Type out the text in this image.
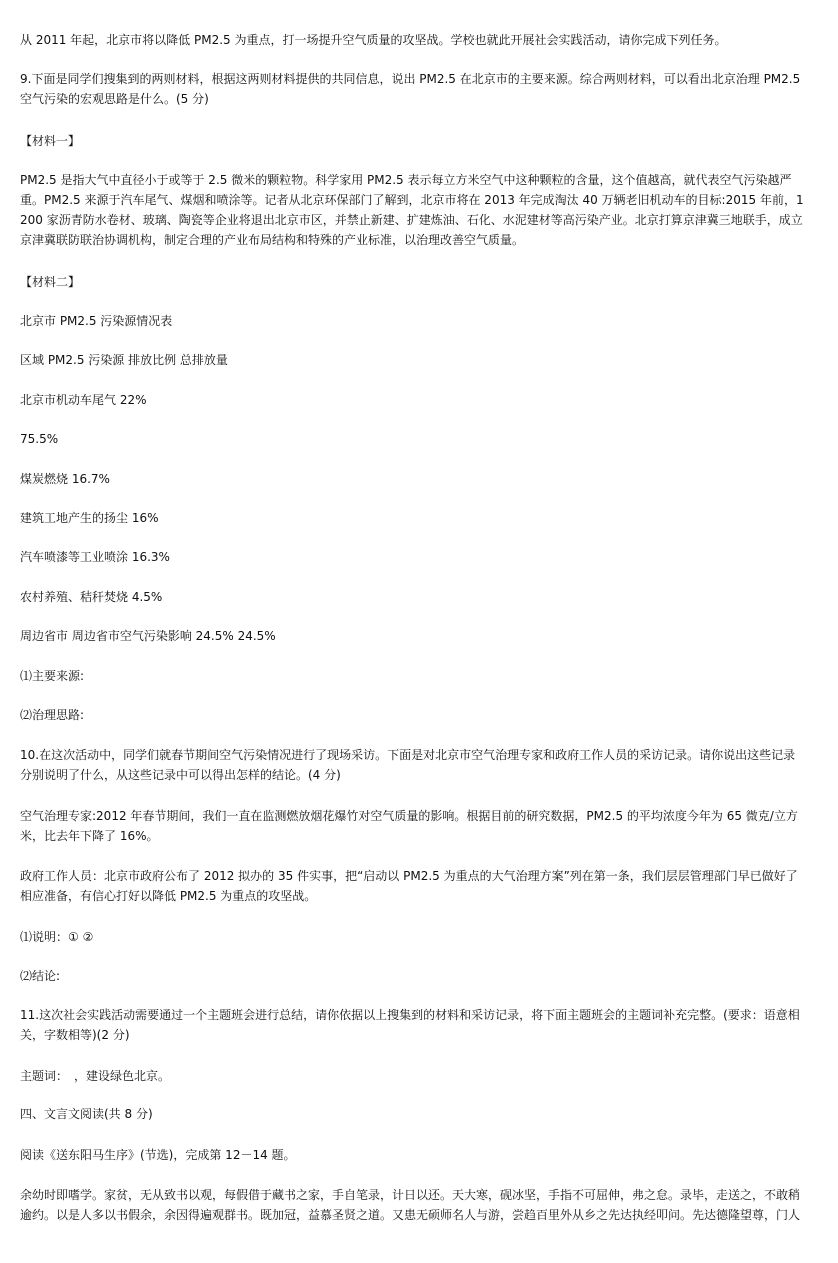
从 2011 年起，北京市将以降低 PM2.5 为重点，打一场提升空气质量的攻坚战。学校也就此开展社会实践活动，请你完成下列任务。

9.下面是同学们搜集到的两则材料，根据这两则材料提供的共同信息，说出 PM2.5 在北京市的主要来源。综合两则材料，可以看出北京治理 PM2.5 空气污染的宏观思路是什么。(5 分)

【材料一】

PM2.5 是指大气中直径小于或等于 2.5 微米的颗粒物。科学家用 PM2.5 表示每立方米空气中这种颗粒的含量，这个值越高，就代表空气污染越严重。PM2.5 来源于汽车尾气、煤烟和喷涂等。记者从北京环保部门了解到，北京市将在 2013 年完成淘汰 40 万辆老旧机动车的目标:2015 年前，1200 家沥青防水卷材、玻璃、陶瓷等企业将退出北京市区，并禁止新建、扩建炼油、石化、水泥建材等高污染产业。北京打算京津冀三地联手，成立京津冀联防联治协调机构，制定合理的产业布局结构和特殊的产业标准，以治理改善空气质量。

【材料二】

北京市 PM2.5 污染源情况表

区域 PM2.5 污染源 排放比例 总排放量

北京市机动车尾气 22%

75.5%

煤炭燃烧 16.7%

建筑工地产生的扬尘 16%

汽车喷漆等工业喷涂 16.3%

农村养殖、秸秆焚烧 4.5%

周边省市 周边省市空气污染影响 24.5% 24.5%

⑴主要来源:

⑵治理思路:

10.在这次活动中，同学们就春节期间空气污染情况进行了现场采访。下面是对北京市空气治理专家和政府工作人员的采访记录。请你说出这些记录分别说明了什么，从这些记录中可以得出怎样的结论。(4 分)

空气治理专家:2012 年春节期间，我们一直在监测燃放烟花爆竹对空气质量的影响。根据目前的研究数据，PM2.5 的平均浓度今年为 65 微克/立方米，比去年下降了 16%。

政府工作人员：北京市政府公布了 2012 拟办的 35 件实事，把“启动以 PM2.5 为重点的大气治理方案”列在第一条，我们层层管理部门早已做好了相应准备，有信心打好以降低 PM2.5 为重点的攻坚战。

⑴说明：① ②

⑵结论:

11.这次社会实践活动需要通过一个主题班会进行总结，请你依据以上搜集到的材料和采访记录，将下面主题班会的主题词补充完整。(要求：语意相关，字数相等)(2 分)

主题词：　，建设绿色北京。

四、文言文阅读(共 8 分)

阅读《送东阳马生序》(节选)，完成第 12－14 题。

余幼时即嗜学。家贫，无从致书以观，每假借于藏书之家，手自笔录，计日以还。天大寒，砚冰坚，手指不可屈伸，弗之怠。录毕，走送之，不敢稍逾约。以是人多以书假余，余因得遍观群书。既加冠，益慕圣贤之道。又患无硕师名人与游，尝趋百里外从乡之先达执经叩问。先达德隆望尊，门人
